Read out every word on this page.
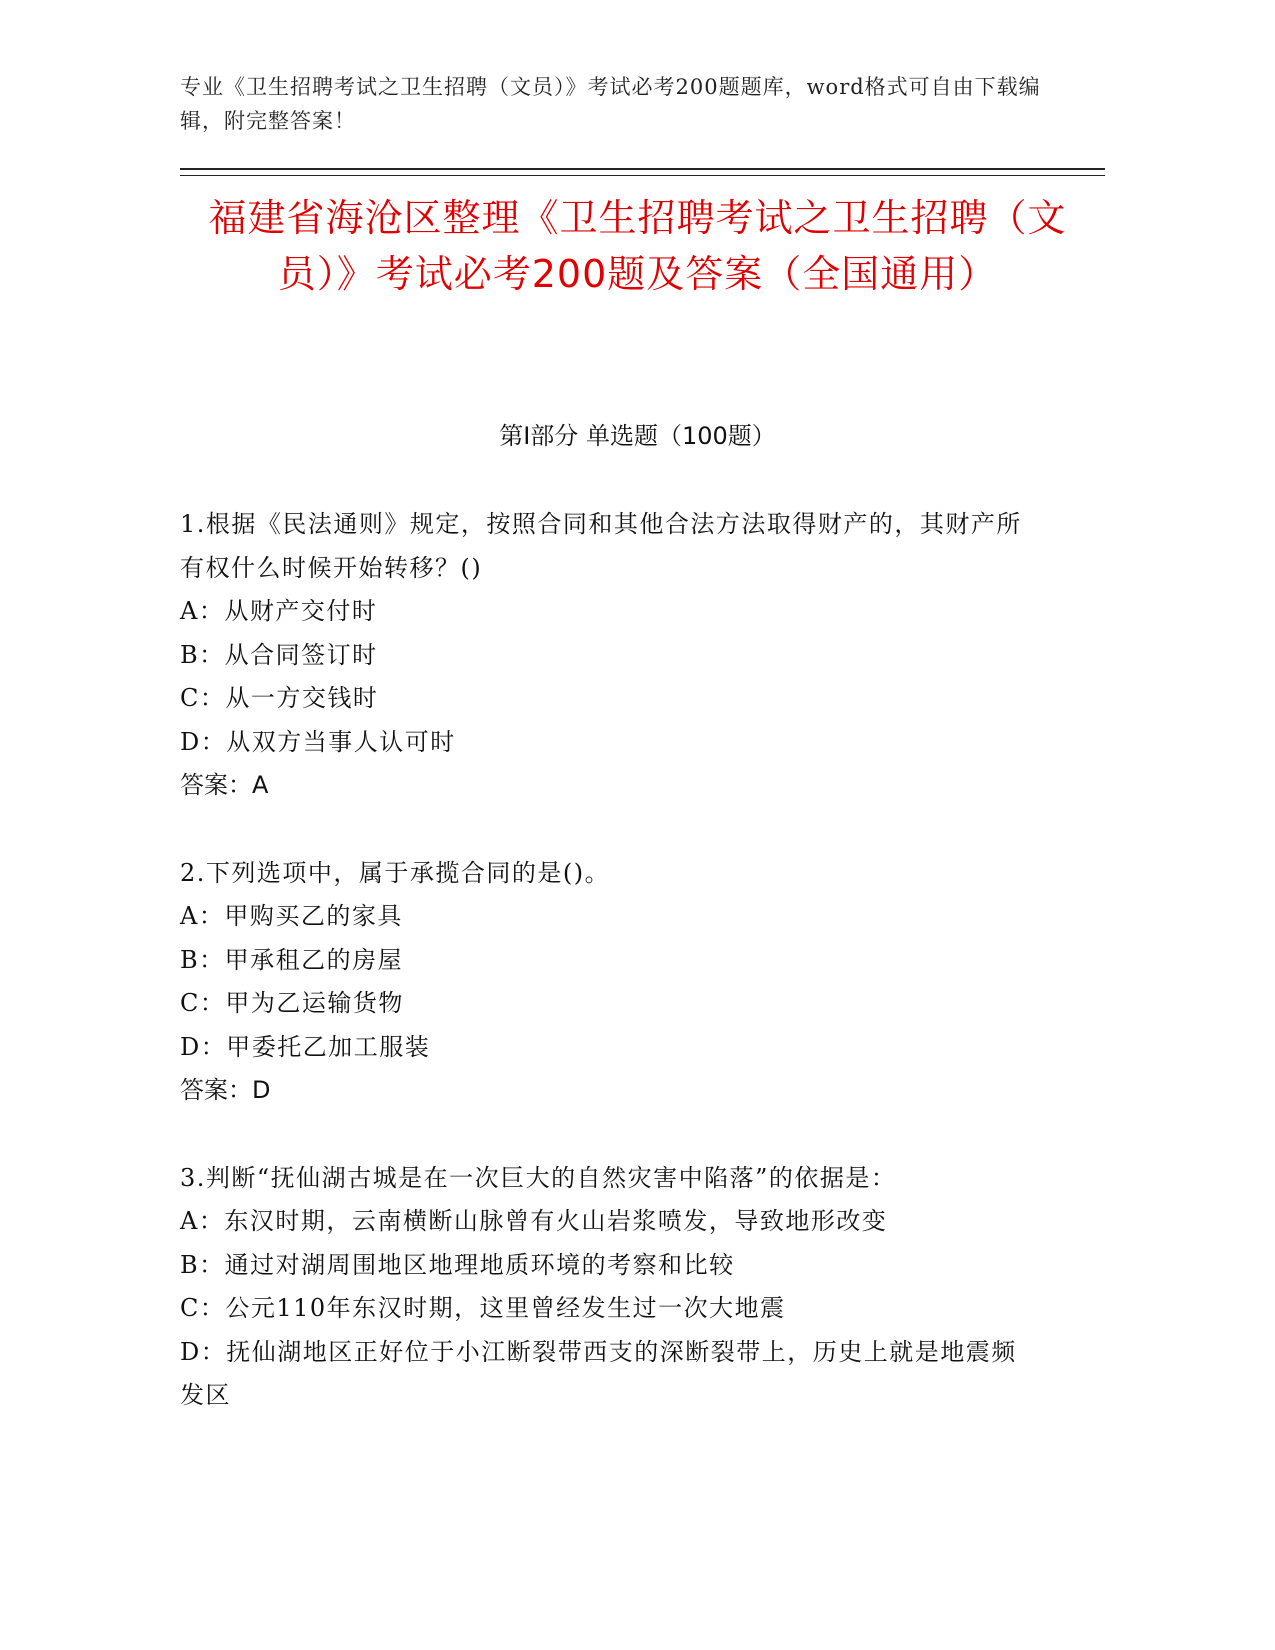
专业《卫生招聘考试之卫生招聘（文员）》考试必考200题题库，word格式可自由下载编辑，附完整答案！
福建省海沧区整理《卫生招聘考试之卫生招聘（文员）》考试必考200题及答案（全国通用）
第I部分 单选题（100题）
1.根据《民法通则》规定，按照合同和其他合法方法取得财产的，其财产所有权什么时候开始转移？()
A：从财产交付时
B：从合同签订时
C：从一方交钱时
D：从双方当事人认可时
答案：A
2.下列选项中，属于承揽合同的是()。
A：甲购买乙的家具
B：甲承租乙的房屋
C：甲为乙运输货物
D：甲委托乙加工服装
答案：D
3.判断“抚仙湖古城是在一次巨大的自然灾害中陷落”的依据是：
A：东汉时期，云南横断山脉曾有火山岩浆喷发，导致地形改变
B：通过对湖周围地区地理地质环境的考察和比较
C：公元110年东汉时期，这里曾经发生过一次大地震
D：抚仙湖地区正好位于小江断裂带西支的深断裂带上，历史上就是地震频发区
